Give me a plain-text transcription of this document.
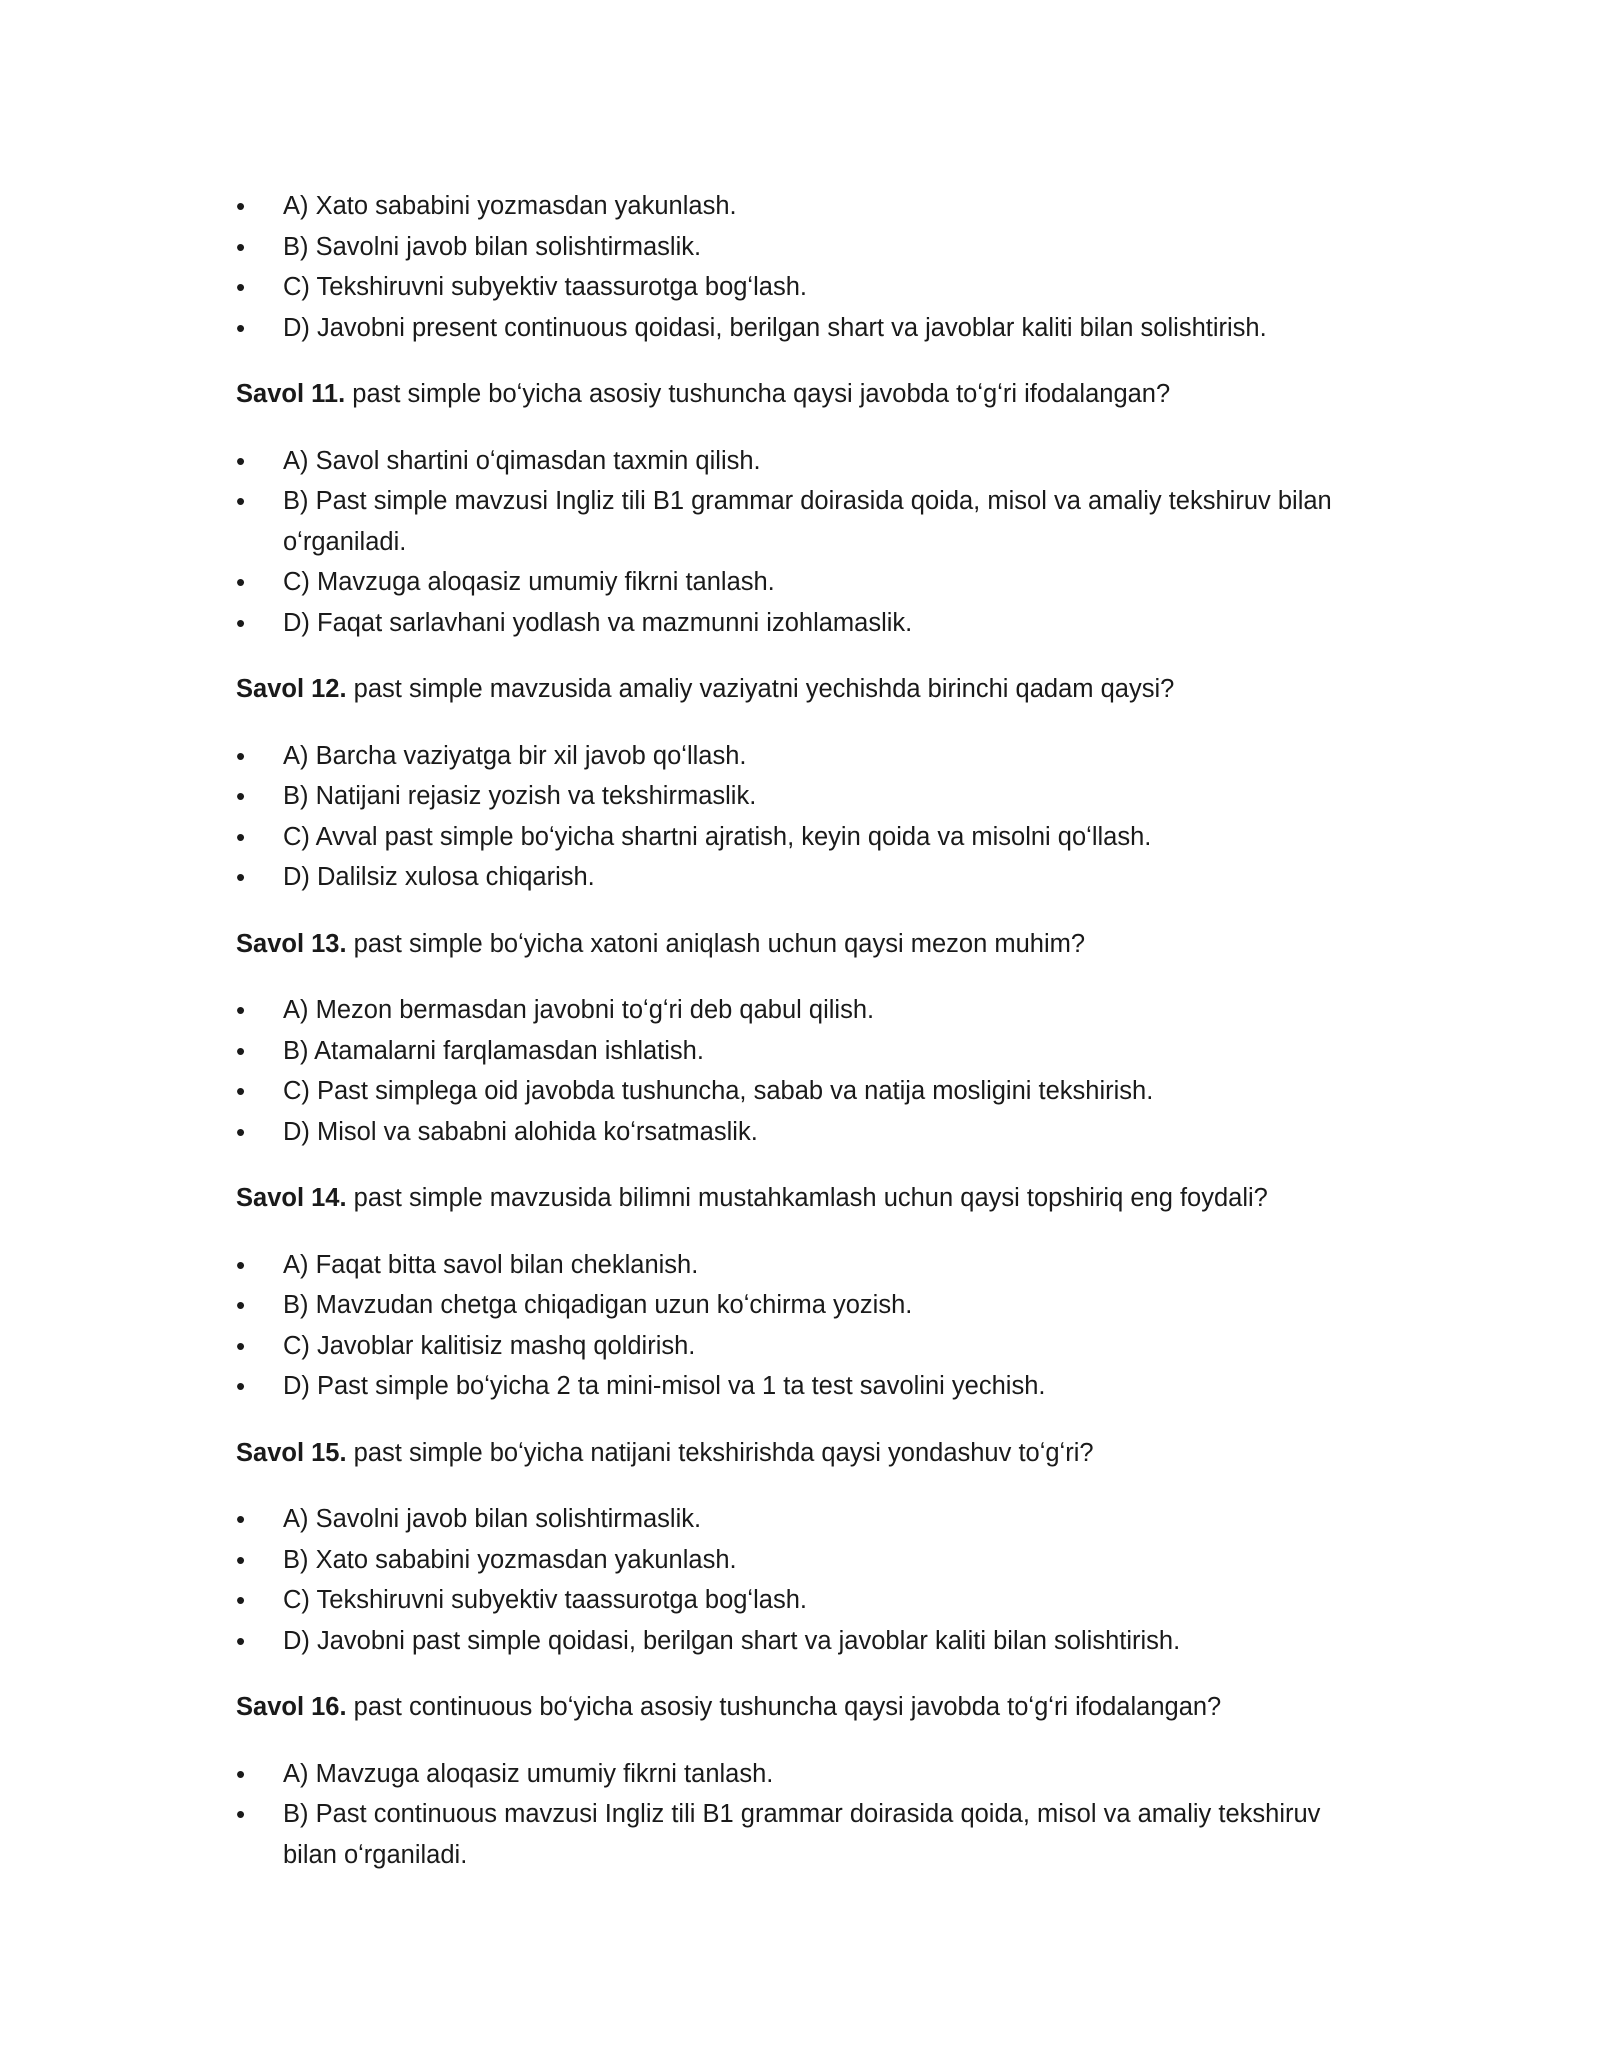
•
A) Xato sababini yozmasdan yakunlash.
•
B) Savolni javob bilan solishtirmaslik.
•
C) Tekshiruvni subyektiv taassurotga bogʻlash.
•
D) Javobni present continuous qoidasi, berilgan shart va javoblar kaliti bilan solishtirish.

Savol 11. past simple boʻyicha asosiy tushuncha qaysi javobda toʻgʻri ifodalangan?

•
A) Savol shartini oʻqimasdan taxmin qilish.
•
B) Past simple mavzusi Ingliz tili B1 grammar doirasida qoida, misol va amaliy tekshiruv bilan oʻrganiladi.
•
C) Mavzuga aloqasiz umumiy fikrni tanlash.
•
D) Faqat sarlavhani yodlash va mazmunni izohlamaslik.

Savol 12. past simple mavzusida amaliy vaziyatni yechishda birinchi qadam qaysi?

•
A) Barcha vaziyatga bir xil javob qoʻllash.
•
B) Natijani rejasiz yozish va tekshirmaslik.
•
C) Avval past simple boʻyicha shartni ajratish, keyin qoida va misolni qoʻllash.
•
D) Dalilsiz xulosa chiqarish.

Savol 13. past simple boʻyicha xatoni aniqlash uchun qaysi mezon muhim?

•
A) Mezon bermasdan javobni toʻgʻri deb qabul qilish.
•
B) Atamalarni farqlamasdan ishlatish.
•
C) Past simplega oid javobda tushuncha, sabab va natija mosligini tekshirish.
•
D) Misol va sababni alohida koʻrsatmaslik.

Savol 14. past simple mavzusida bilimni mustahkamlash uchun qaysi topshiriq eng foydali?

•
A) Faqat bitta savol bilan cheklanish.
•
B) Mavzudan chetga chiqadigan uzun koʻchirma yozish.
•
C) Javoblar kalitisiz mashq qoldirish.
•
D) Past simple boʻyicha 2 ta mini-misol va 1 ta test savolini yechish.

Savol 15. past simple boʻyicha natijani tekshirishda qaysi yondashuv toʻgʻri?

•
A) Savolni javob bilan solishtirmaslik.
•
B) Xato sababini yozmasdan yakunlash.
•
C) Tekshiruvni subyektiv taassurotga bogʻlash.
•
D) Javobni past simple qoidasi, berilgan shart va javoblar kaliti bilan solishtirish.

Savol 16. past continuous boʻyicha asosiy tushuncha qaysi javobda toʻgʻri ifodalangan?

•
A) Mavzuga aloqasiz umumiy fikrni tanlash.
•
B) Past continuous mavzusi Ingliz tili B1 grammar doirasida qoida, misol va amaliy tekshiruv bilan oʻrganiladi.
